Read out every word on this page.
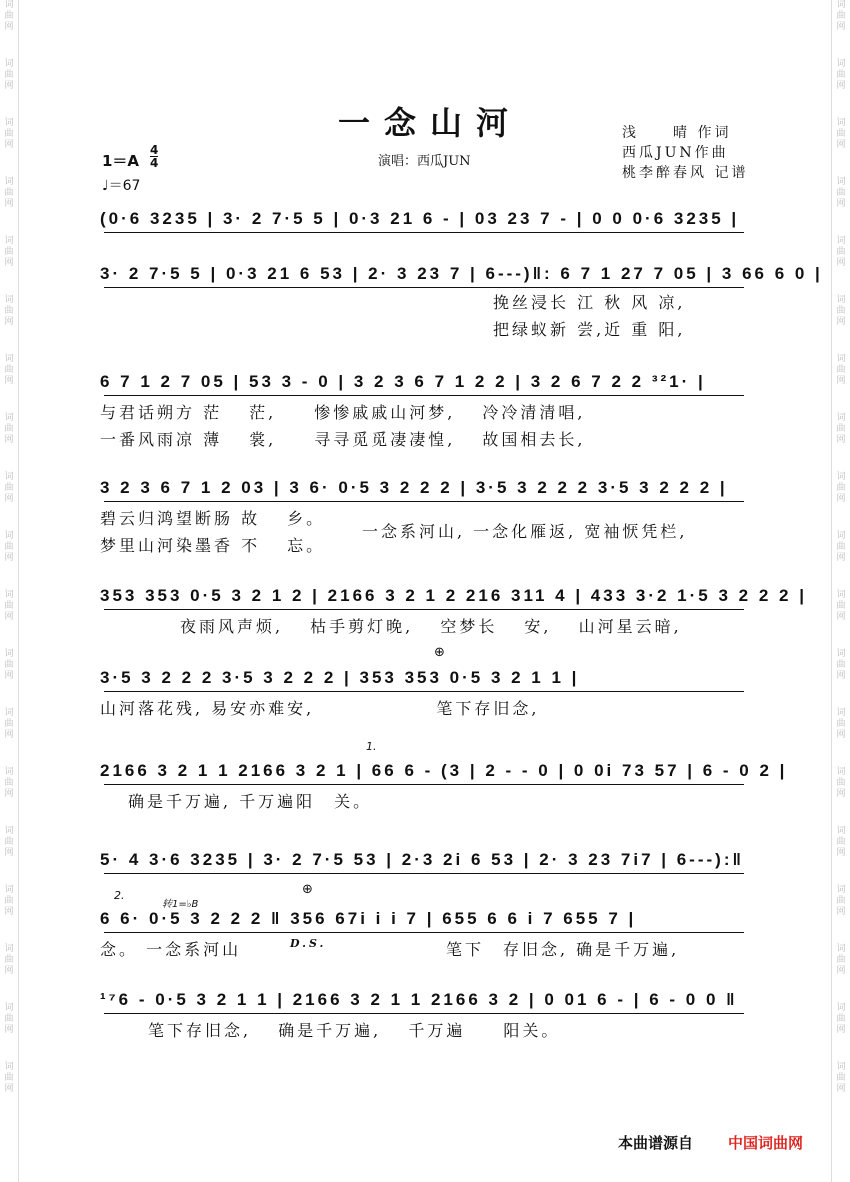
词
曲
网
词
曲
网
词
曲
网
词
曲
网
词
曲
网
词
曲
网
词
曲
网
词
曲
网
词
曲
网
词
曲
网
词
曲
网
词
曲
网
词
曲
网
词
曲
网
词
曲
网
词
曲
网
词
曲
网
词
曲
网
词
曲
网
词
曲
网
词
曲
网
词
曲
网
词
曲
网
词
曲
网
词
曲
网
词
曲
网
词
曲
网
词
曲
网
词
曲
网
词
曲
网
词
曲
网
词
曲
网
词
曲
网
词
曲
网
词
曲
网
词
曲
网
词
曲
网
词
曲
网
一念山河	浅　　晴 作词
西瓜JUN作曲
桃李醉春风 记谱
1＝A
4
4
♩＝67
演唱：西瓜JUN
(0·6 3235 | 3· 2 7·5 5 | 0·3 21 6 - | 03 23 7 - | 0 0 0·6 3235 |
3· 2 7·5 5 | 0·3 21 6 53 | 2· 3 23 7 | 6---)‖: 6 7 1 27 7 05 | 3 66 6 0 |
挽丝浸长 江 秋 风 凉,
把绿蚁新 尝,近 重 阳,
6 7 1 2 7 05 | 53 3 - 0 | 3 2 3 6 7 1 2 2 | 3 2 6 7 2 2 ³²1· |
与君话朔方 茫　 茫,　　惨惨戚戚山河梦, 　冷冷清清唱,
一番风雨凉 薄　 裳,　　寻寻觅觅凄凄惶, 　故国相去长,
3 2 3 6 7 1 2 03 | 3 6· 0·5 3 2 2 2 | 3·5 3 2 2 2 3·5 3 2 2 2 |
碧云归鸿望断肠 故　 乡。
梦里山河染墨香 不　 忘。
一念系河山, 一念化雁返, 宽袖恹凭栏,
353 353 0·5 3 2 1 2 | 2166 3 2 1 2 216 311 4 | 433 3·2 1·5 3 2 2 2 |
夜雨风声烦, 　枯手剪灯晚, 　空梦长 　安, 　山河星云暗,
3·5 3 2 2 2 3·5 3 2 2 2 | 353 353 0·5 3 2 1 1 |
山河落花残, 易安亦难安, 　　　　　　笔下存旧念,
2166 3 2 1 1 2166 3 2 1 | 66 6 - (3 | 2 - - 0 | 0 0i 73 57 | 6 - 0 2 |
确是千万遍, 千万遍阳　关。
5· 4 3·6 3235 | 3· 2 7·5 53 | 2·3 2i 6 53 | 2· 3 23 7i7 | 6---):‖
6 6· 0·5 3 2 2 2 ‖ 356 67i i i 7 | 655 6 6 i 7 655 7 |
念。 一念系河山	D.S.	笔下　存旧念, 确是千万遍,
¹⁷6 - 0·5 3 2 1 1 | 2166 3 2 1 1 2166 3 2 | 0 01 6 - | 6 - 0 0 ‖
笔下存旧念, 　确是千万遍, 　千万遍　　阳关。
本曲谱源自 中国词曲网
1.
2.
转1=♭B
⊕
⊕
